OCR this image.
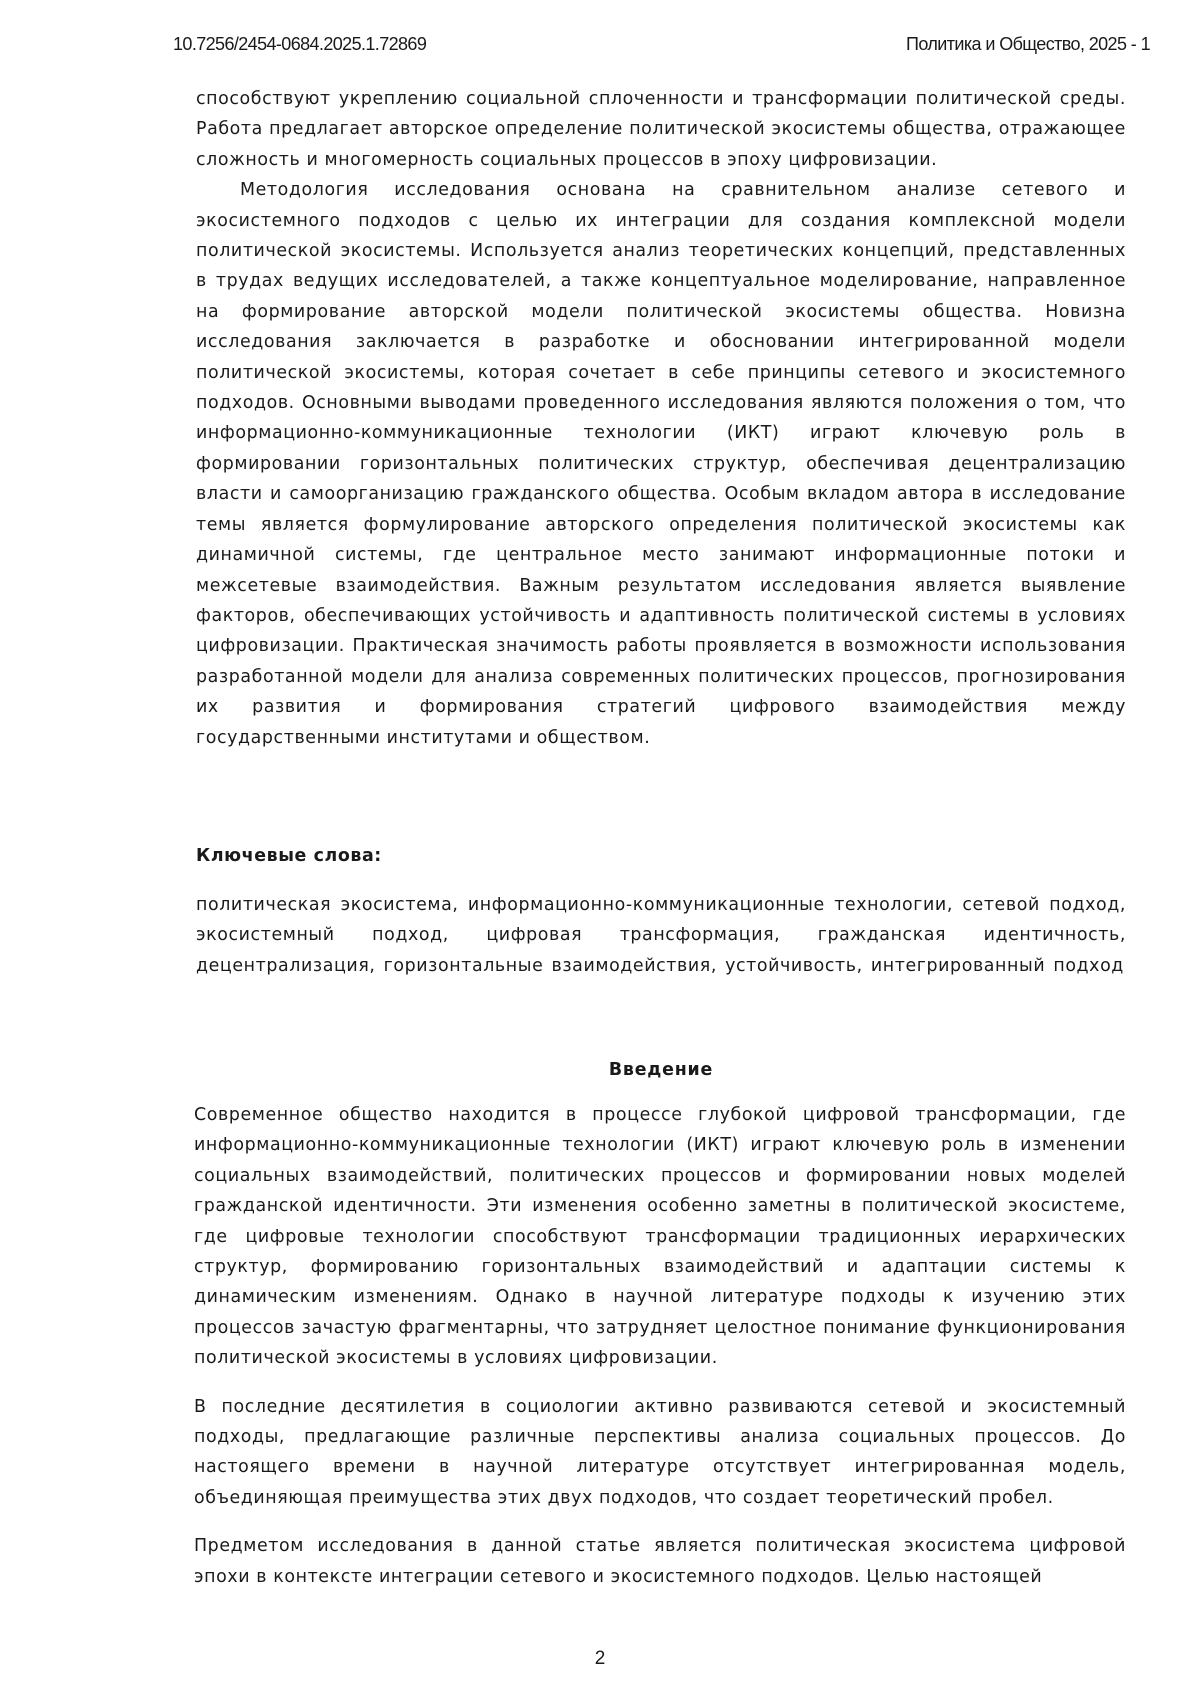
10.7256/2454-0684.2025.1.72869	Политика и Общество, 2025 - 1

способствуют укреплению социальной сплоченности и трансформации политической среды. Работа предлагает авторское определение политической экосистемы общества, отражающее сложность и многомерность социальных процессов в эпоху цифровизации.

Методология исследования основана на сравнительном анализе сетевого и экосистемного подходов с целью их интеграции для создания комплексной модели политической экосистемы. Используется анализ теоретических концепций, представленных в трудах ведущих исследователей, а также концептуальное моделирование, направленное на формирование авторской модели политической экосистемы общества. Новизна исследования заключается в разработке и обосновании интегрированной модели политической экосистемы, которая сочетает в себе принципы сетевого и экосистемного подходов. Основными выводами проведенного исследования являются положения о том, что информационно-коммуникационные технологии (ИКТ) играют ключевую роль в формировании горизонтальных политических структур, обеспечивая децентрализацию власти и самоорганизацию гражданского общества. Особым вкладом автора в исследование темы является формулирование авторского определения политической экосистемы как динамичной системы, где центральное место занимают информационные потоки и межсетевые взаимодействия. Важным результатом исследования является выявление факторов, обеспечивающих устойчивость и адаптивность политической системы в условиях цифровизации. Практическая значимость работы проявляется в возможности использования разработанной модели для анализа современных политических процессов, прогнозирования их развития и формирования стратегий цифрового взаимодействия между государственными институтами и обществом.

Ключевые слова:

политическая экосистема, информационно-коммуникационные технологии, сетевой подход, экосистемный подход, цифровая трансформация, гражданская идентичность, децентрализация, горизонтальные взаимодействия, устойчивость, интегрированный подход

Введение

Современное общество находится в процессе глубокой цифровой трансформации, где информационно-коммуникационные технологии (ИКТ) играют ключевую роль в изменении социальных взаимодействий, политических процессов и формировании новых моделей гражданской идентичности. Эти изменения особенно заметны в политической экосистеме, где цифровые технологии способствуют трансформации традиционных иерархических структур, формированию горизонтальных взаимодействий и адаптации системы к динамическим изменениям. Однако в научной литературе подходы к изучению этих процессов зачастую фрагментарны, что затрудняет целостное понимание функционирования политической экосистемы в условиях цифровизации.

В последние десятилетия в социологии активно развиваются сетевой и экосистемный подходы, предлагающие различные перспективы анализа социальных процессов. До настоящего времени в научной литературе отсутствует интегрированная модель, объединяющая преимущества этих двух подходов, что создает теоретический пробел.

Предметом исследования в данной статье является политическая экосистема цифровой эпохи в контексте интеграции сетевого и экосистемного подходов. Целью настоящей

2
